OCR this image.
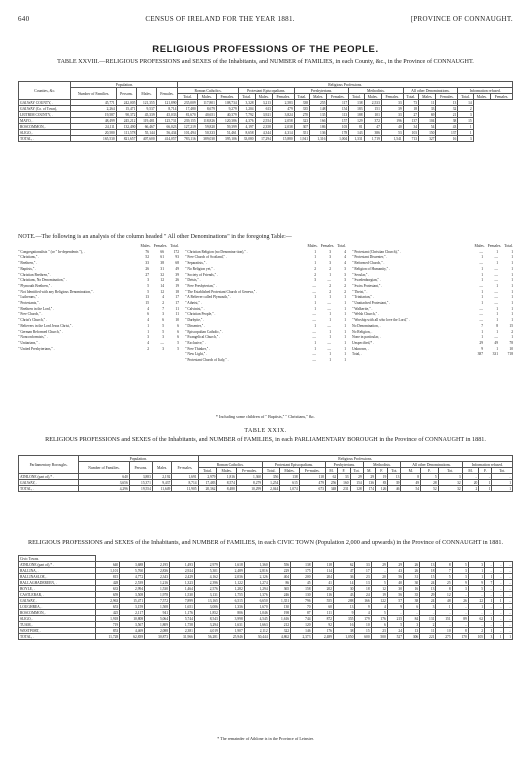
640	CENSUS OF IRELAND FOR THE YEAR 1881.	[PROVINCE OF CONNAUGHT.
RELIGIOUS PROFESSIONS OF THE PEOPLE.
TABLE XXVIII.—RELIGIOUS PROFESSIONS and SEXES of the Inhabitants, and NUMBER of FAMILIES, in each County, &c., in the Province of CONNAUGHT.
Counties, &c.	Population.				Religious Professions.																	
	Number of Families.	Persons.	Males.	Females.	Roman Catholics.			Protestant Episcopalians.			Presbyterians.			Methodists.			All other Denominations.			Information refused.		
					Total.	Males.	Females.	Total.	Males.	Females.	Total.	Males.	Females.	Total.	Males.	Females.	Total.	Males.	Females.	Total.	Males.	Females.
GALWAY COUNTY, .	45,771	242,005	121,355	121,890	235,009	117,801	108,734	3,328	3,213	2,583	338	255	117	138	2,533	33	73	11	13	14		
GALWAY (Co. of Town),	2,264	15,471	9,537	8,714	17,480	8,679	9,279	1,204	613	479	335	148	154	183	151	39	18	33	32	2		
LEITRIM COUNTY, .	19,587	90,372	45,339	45,033	81,670	40,651	40,379	7,792	3,921	3,824	270	135	113	188	101	33	27	69	21	3		
MAYO, .	48,499	245,212	119,481	125,731	239,155	118,826	120,386	4,376	2,554	2,058	323	166	157	129	372	196	137	104	38	15		
ROSCOMMON, .	24,111	132,490	66,467	66,023	127,219	59,820	59,399	4,197	2,358	2,038	307	186	103	81	47	40	34	54	43	1		
SLIGO, .	20,580	111,578	55,144	56,434	101,494	50,333	51,461	8,658	4,344	4,314	351	136	178	143	386	53	103	150	137	1		
TOTAL, .	165,530	821,657	407,600	414,057	783,116	389,030	395,106	33,080	17,294	15,880	1,941	1,316	1,004	1,331	1,719	1,541	713	327	16	3		
NOTE.—The following is an analysis of the column headed " All other Denominations" in the foregoing Table:—
Males. Females. Total.
" Congregationalists " (or " In-dependents "), .	76	66	172
" Christians," .	52	61	93
" Brethren," .	33	38	68
" Baptists," .	26	31	49
" Christian Brethren," .	27	32	39
" Christians, No Denomination," .	3	12	26
" Plymouth Brethren," .	5	14	19
" Not Identified with any Religious Denomination," .	5	12	18
" Lutherans," .	13	4	17
" Protestants," .	15	2	17
" Brethren in the Lord," .	4	7	11
" Free Church," .	6	3	11
" Christ's Church," .	4	6	10
" Believers in the Lord Jesus Christ," .	1	5	6
" German Reformed Church," .	1	5	6
" Nonconformists," .	3	3	6
" Unitarians," .	4	—	5
" United Presbyterians," .	2	3	5
Males. Females. Total.
" Christian Religion (no Denomina-tion)," .	1	3	4
" Free Church of Scotland," .	1	3	4
" Separatists," .	1	3	4
" No Religion yet," .	2	2	3
" Society of Friends," .	2	1	3
" Deists," .	3	—	3
" Free Presbyterian," .	—	2	2
" The Established Protestant Church of Geneva," .	—	2	2
" A Believer called Plymouth," .	1	1	1
" Atheist," .	1	—	1
" Calvinist," .	1	—	1
" Christian People," .	—	1	1
" Darbyite," .	—	1	1
" Dissenter," .	1	—	1
" Episcopalian Catholic," .	—	1	1
" Evangelical Church," .	—	1	1
" Exclusive," .	1	—	1
" Free Thinker," .	1	—	1
" New Light," .	—	1	1
" Protestant Church of Italy," .	—	1	1
Males. Females. Total.
" Protestant (Christian Church)," .	—	1	1
" Protestant Dissenter," .	1	—	1
" Reformed Church," .	—	1	1
" Religion of Humanity," .	1	—	1
" Secular," .	1	—	1
" Swedenborgian," .	1	—	1
" Swiss Protestant," .	—	1	1
" Theist," .	1	—	1
" Trinitarian," .	1	—	1
" Unattached Protestant," .	1	—	1
" Walkerite," .	—	1	1
" Welsh Church," .	—	1	1
" Worship with all who love the Lord," .	—	1	1
No Denomination, .	7	8	15
No Religion, .	1	1	2
None in particular, .	1	—	1
Unspecified,* .	29	49	78
Unknown, .	9	1	10
Total, .	387	331	718
* Including some children of " Baptists," " Christians," &c.
TABLE XXIX.
RELIGIOUS PROFESSIONS and SEXES of the Inhabitants, and NUMBER of FAMILIES, in each PARLIAMENTARY BOROUGH in the Province of CONNAUGHT in 1881.
Parliamentary Boroughs.	Population.				Religious Professions.																	
	Number of Families.	Persons.	Males.	Fe-males.	Roman Catholics.			Protestant Episcopalians.			Presbyterians.			Methodists.			All other Denominations.			Information refused.		
					Total.	Males.	Fe-males.	Total.	Males.	Fe-males.	M.	F.	Tot.	M.	F.	Tot.	M.	F.	Tot.	M.	F.	Tot.
ATHLONE (part of),* .	640	3,883	2,192	1,691	2,979	1,816	1,360	356	138	118	62	33	29	29	19	13	8	5	3	..	..	..
GALWAY, .	3,656	15,371	9,437	8,714	17,483	8,574	8,279	1,254	615	479	256	160	154	136	83	39	49	28	32	20	1	1
TOTAL, .	4,296	19,554	11,649	11,905	20,362	8,480	10,299	2,044	1,074	673	348	231	128	174	126	46	54	52	32	2	1	1
RELIGIOUS PROFESSIONS and SEXES of the Inhabitants, and NUMBER of FAMILIES, in each CIVIC TOWN (Population 2,000 and upwards) in the Province of CONNAUGHT in 1881.
Civic Towns.																						
ATHLONE (part of),* .	640	3,688	2,195	1,493	2,979	1,618	1,360	556	138	118	62	33	29	29	26	13	8	5	3	..	..	..
BALLINA, .	1,101	5,760	2,836	2,924	5,301	2,489	2,816	229	175	114	47	17	..	43	26	18	7	3	1	..	..	..
BALLINASLOE, .	815	4,772	2,343	2,429	4,162	2,036	2,126	404	200	204	36	23	20	56	31	15	5	3	1	1	..	..
BALLAGHADEREEN, .	428	2,539	1,216	1,323	2,396	1,122	1,274	86	45	41	14	13	5	40	30	24	25	9	9	7	..	..
BOYLE, .	633	2,994	1,530	1,464	2,576	1,282	1,294	365	158	202	30	18	12	30	16	13	8	3	5	..	..	..
CASTLEBAR, .	659	3,508	1,978	1,530	3,131	1,755	1,376	246	130	116	43	24	19	56	35	29	12	..	..	..	..	..
GALWAY, .	2,963	15,471	7,572	7,899	13,165	6,515	6,650	1,351	796	555	288	166	122	57	38	24	48	26	22	1	1	..
LOUGHREA, .	653	3,159	1,508	1,651	3,006	1,336	1,670	130	70	60	13	9	4	9	6	3	1	..	1	..	..	..
ROSCOMMON, .	425	2,117	941	1,176	1,852	806	1,046	198	87	111	9	4	5	..	..	..	..	..	..	..	..	..
SLIGO, .	1,918	10,808	5,064	5,744	8,543	3,998	4,545	1,616	744	872	355	179	176	215	84	131	151	89	62	1	..	..
TUAM, .	719	3,567	1,809	1,758	3,294	1,631	1,663	212	120	92	16	10	6	5	3	2	..	..	..	..	..	..
WESTPORT, .	853	4,469	2,088	2,381	4,019	1,907	2,112	322	146	176	38	15	23	24	13	11	10	8	2	1	..	..
TOTAL, .	11,728	62,839	30,873	31,966	56,281	25,946	30,444	4,862	2,373	2,489	1,050	600	500	527	306	221	275	170	105	3	1	1
* The remainder of Athlone is in the Province of Leinster.
